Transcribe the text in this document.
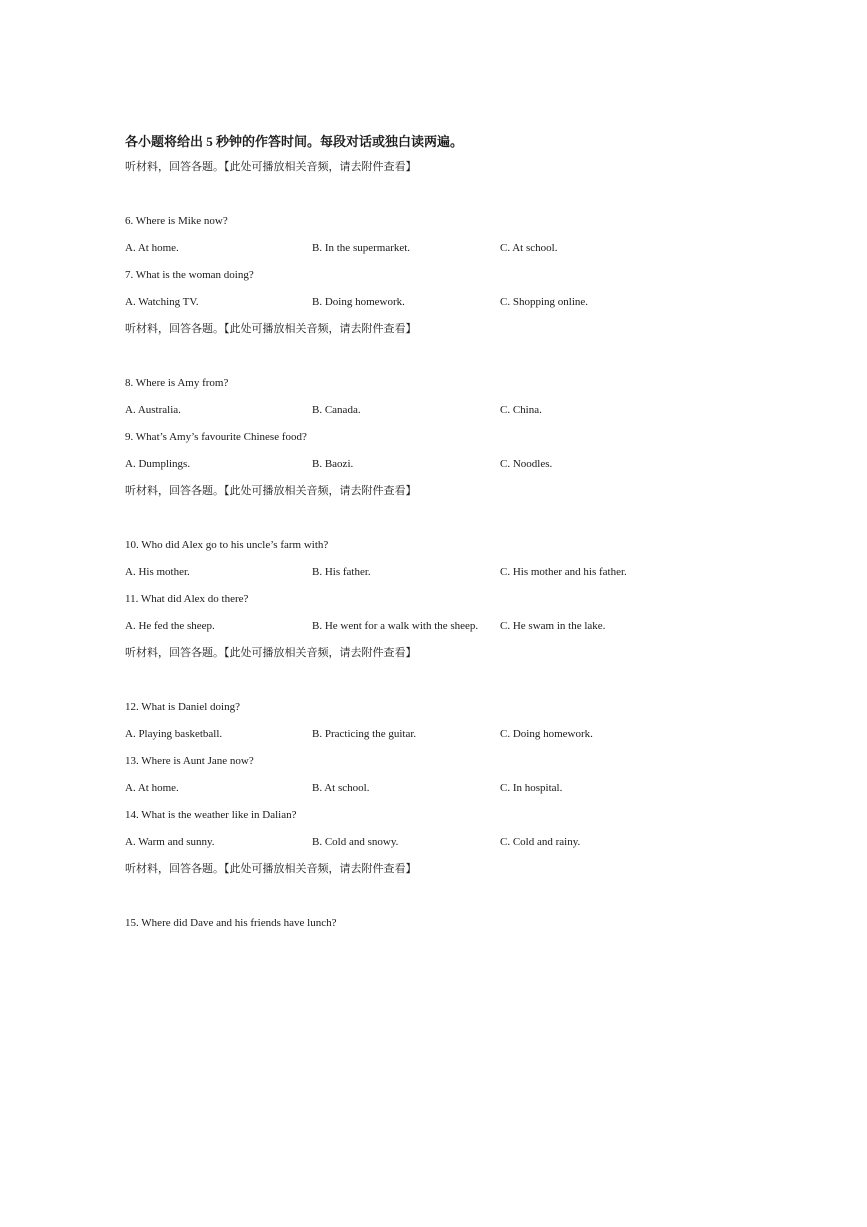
各小题将给出 5 秒钟的作答时间。每段对话或独白读两遍。
听材料，回答各题。【此处可播放相关音频，请去附件查看】
6. Where is Mike now?
A. At home.	B. In the supermarket.	C. At school.
7. What is the woman doing?
A. Watching TV.	B. Doing homework.	C. Shopping online.
听材料，回答各题。【此处可播放相关音频，请去附件查看】
8. Where is Amy from?
A. Australia.	B. Canada.	C. China.
9. What’s Amy’s favourite Chinese food?
A. Dumplings.	B. Baozi.	C. Noodles.
听材料，回答各题。【此处可播放相关音频，请去附件查看】
10. Who did Alex go to his uncle’s farm with?
A. His mother.	B. His father.	C. His mother and his father.
11. What did Alex do there?
A. He fed the sheep.	B. He went for a walk with the sheep. C. He swam in the lake.
听材料，回答各题。【此处可播放相关音频，请去附件查看】
12. What is Daniel doing?
A. Playing basketball.	B. Practicing the guitar.	C. Doing homework.
13. Where is Aunt Jane now?
A. At home.	B. At school.	C. In hospital.
14. What is the weather like in Dalian?
A. Warm and sunny.	B. Cold and snowy.	C. Cold and rainy.
听材料，回答各题。【此处可播放相关音频，请去附件查看】
15. Where did Dave and his friends have lunch?
